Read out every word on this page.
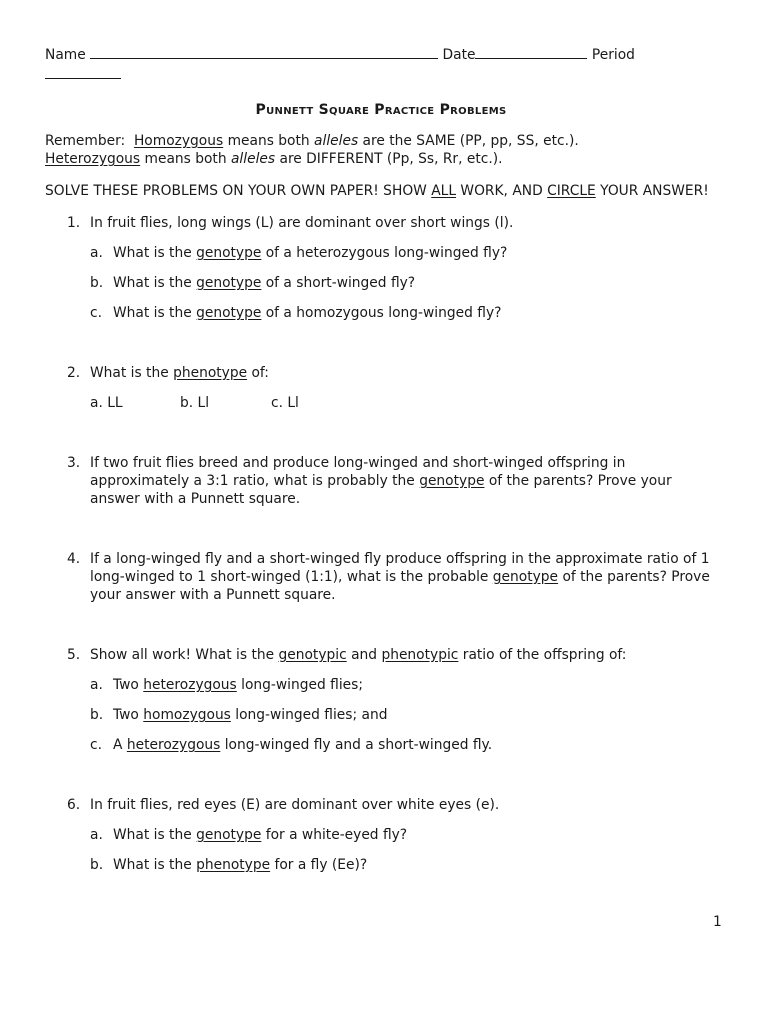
Name	Date	Period

Punnett Square Practice Problems
Remember: Homozygous means both alleles are the SAME (PP, pp, SS, etc.).
Heterozygous means both alleles are DIFFERENT (Pp, Ss, Rr, etc.).
SOLVE THESE PROBLEMS ON YOUR OWN PAPER! SHOW ALL WORK, AND CIRCLE YOUR ANSWER!
1. In fruit flies, long wings (L) are dominant over short wings (l).
a. What is the genotype of a heterozygous long-winged fly?
b. What is the genotype of a short-winged fly?
c. What is the genotype of a homozygous long-winged fly?
2. What is the phenotype of:
a. LL	b. Ll	c. Ll
3. If two fruit flies breed and produce long-winged and short-winged offspring in approximately a 3:1 ratio, what is probably the genotype of the parents? Prove your answer with a Punnett square.
4. If a long-winged fly and a short-winged fly produce offspring in the approximate ratio of 1 long-winged to 1 short-winged (1:1), what is the probable genotype of the parents? Prove your answer with a Punnett square.
5. Show all work! What is the genotypic and phenotypic ratio of the offspring of:
a. Two heterozygous long-winged flies;
b. Two homozygous long-winged flies; and
c. A heterozygous long-winged fly and a short-winged fly.
6. In fruit flies, red eyes (E) are dominant over white eyes (e).
a. What is the genotype for a white-eyed fly?
b. What is the phenotype for a fly (Ee)?
1
